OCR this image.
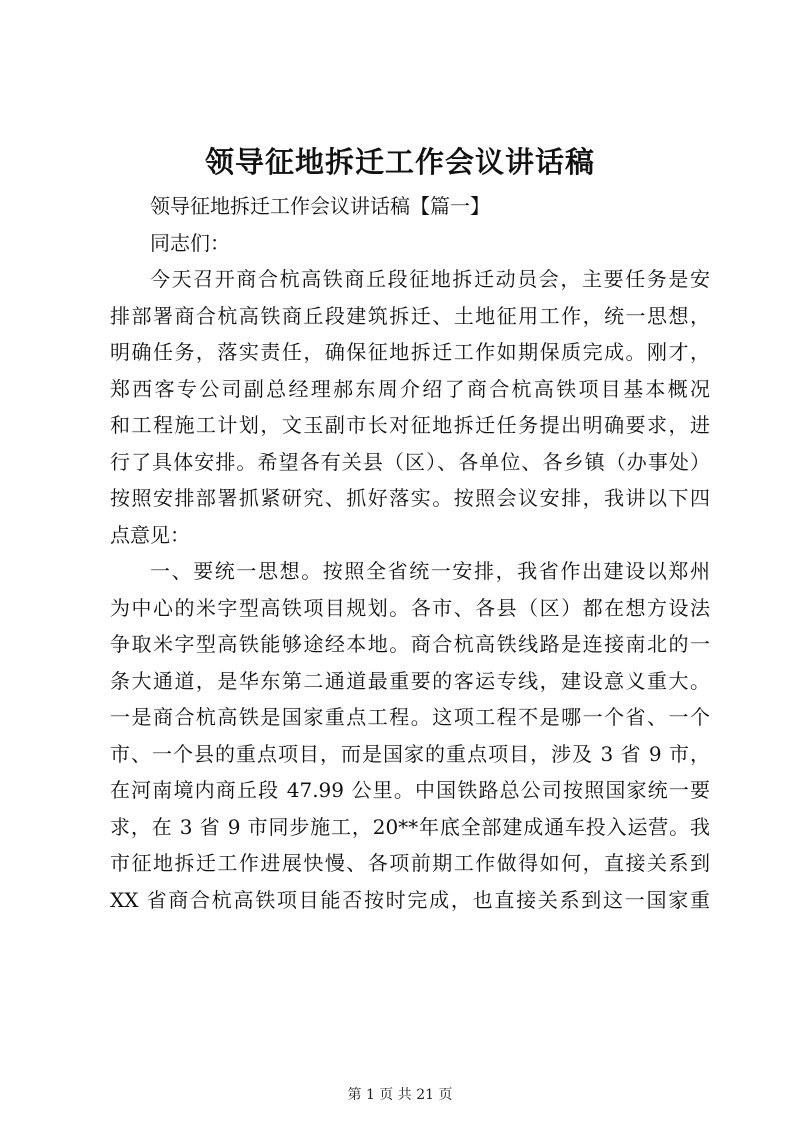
领导征地拆迁工作会议讲话稿
领导征地拆迁工作会议讲话稿【篇一】
同志们：
今天召开商合杭高铁商丘段征地拆迁动员会，主要任务是安
排部署商合杭高铁商丘段建筑拆迁、土地征用工作，统一思想，
明确任务，落实责任，确保征地拆迁工作如期保质完成。刚才，
郑西客专公司副总经理郝东周介绍了商合杭高铁项目基本概况
和工程施工计划，文玉副市长对征地拆迁任务提出明确要求，进
行了具体安排。希望各有关县（区）、各单位、各乡镇（办事处）
按照安排部署抓紧研究、抓好落实。按照会议安排，我讲以下四
点意见：
一、要统一思想。按照全省统一安排，我省作出建设以郑州
为中心的米字型高铁项目规划。各市、各县（区）都在想方设法
争取米字型高铁能够途经本地。商合杭高铁线路是连接南北的一
条大通道，是华东第二通道最重要的客运专线，建设意义重大。
一是商合杭高铁是国家重点工程。这项工程不是哪一个省、一个
市、一个县的重点项目，而是国家的重点项目，涉及 3 省 9 市，
在河南境内商丘段 47.99 公里。中国铁路总公司按照国家统一要
求，在 3 省 9 市同步施工，20**年底全部建成通车投入运营。我
市征地拆迁工作进展快慢、各项前期工作做得如何，直接关系到
XX 省商合杭高铁项目能否按时完成，也直接关系到这一国家重
第 1 页 共 21 页
